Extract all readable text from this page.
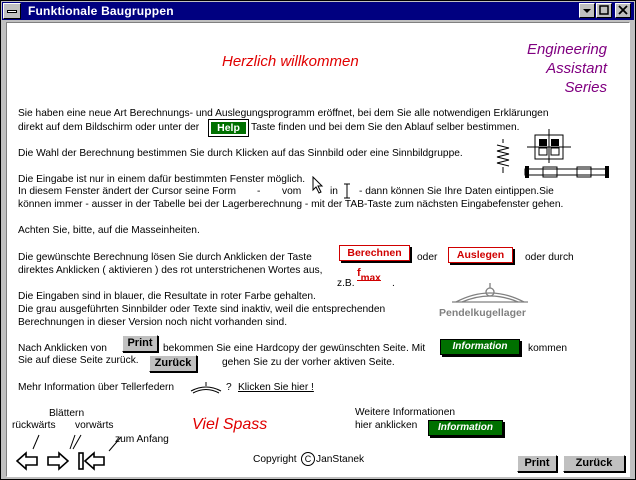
Funktionale Baugruppen
Herzlich willkommen
Engineering
Assistant
Series
Sie haben eine neue Art Berechnungs- und Auslegungsprogramm eröffnet, bei dem Sie alle notwendigen Erklärungen
direkt auf dem Bildschirm oder unter der	Help	Taste finden und bei dem Sie den Ablauf selber bestimmen.
Die Wahl der Berechnung bestimmen Sie durch Klicken auf das Sinnbild oder eine Sinnbildgruppe.
Die Eingabe ist nur in einem dafür bestimmten Fenster möglich.
In diesem Fenster ändert der Cursor seine Form - vom	in - dann können Sie Ihre Daten eintippen.Sie
können immer - ausser in der Tabelle bei der Lagerberechnung - mit der TAB-Taste zum nächsten Eingabefenster gehen.
Achten Sie, bitte, auf die Masseinheiten.
Die gewünschte Berechnung lösen Sie durch Anklicken der Taste	Berechnen	oder	Auslegen	oder durch
direktes Anklicken ( aktivieren ) des rot unterstrichenen Wortes aus,
z.B.
fmax .
Die Eingaben sind in blauer, die Resultate in roter Farbe gehalten.
Die grau ausgeführten Sinnbilder oder Texte sind inaktiv, weil die entsprechenden
Berechnungen in dieser Version noch nicht vorhanden sind.
Pendelkugellager
Nach Anklicken von	Print	bekommen Sie eine Hardcopy der gewünschten Seite. Mit	Information	kommen
Sie auf diese Seite zurück.	Zurück	gehen Sie zu der vorher aktiven Seite.
Mehr Information über Tellerfedern	? Klicken Sie hier !
Blättern
rückwärts vorwärts
zum Anfang
Viel Spass
Weitere Informationen
hier anklicken	Information
Copyright C JanStanek	Print	Zurück
